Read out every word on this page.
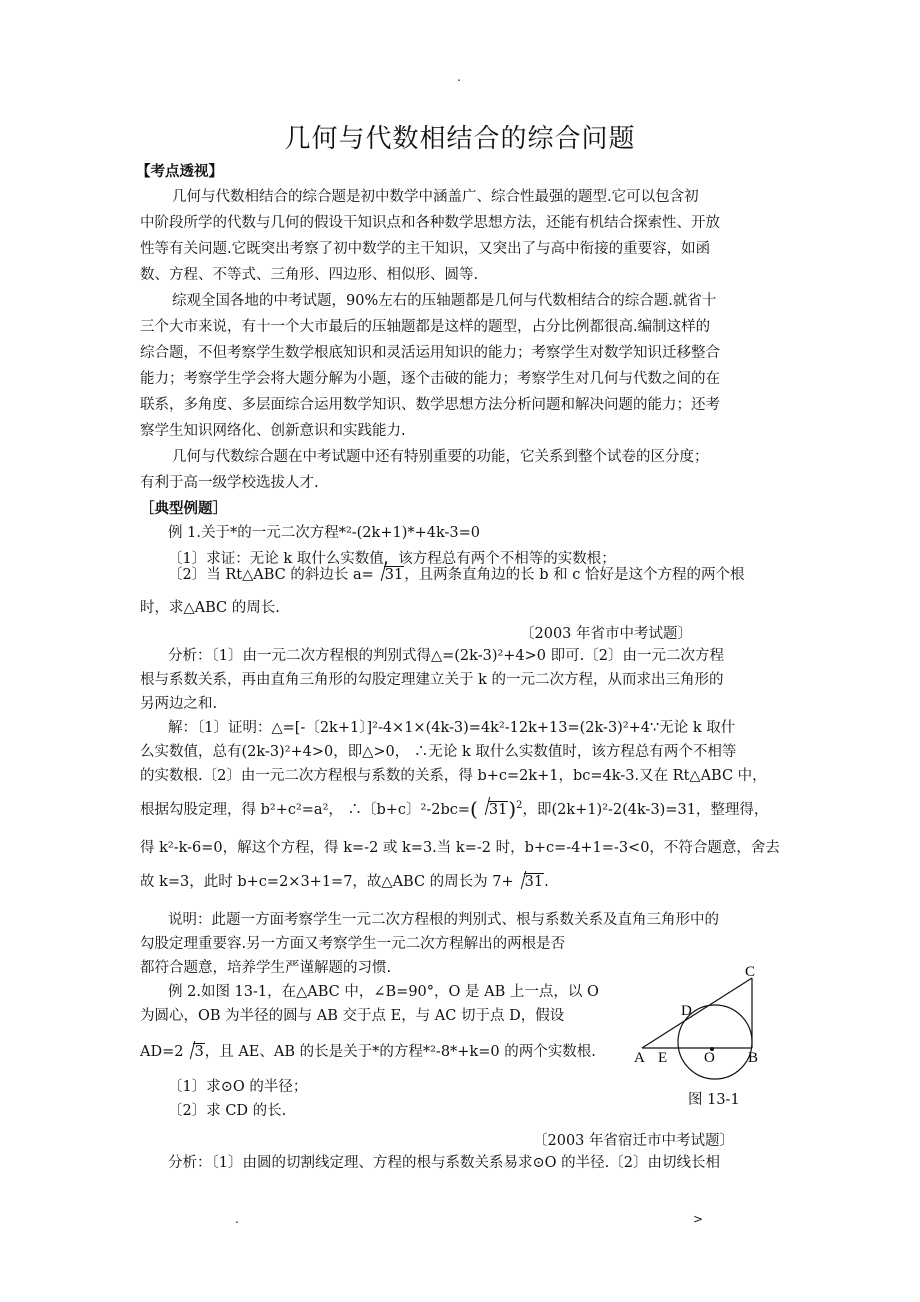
.
几何与代数相结合的综合问题
【考点透视】
几何与代数相结合的综合题是初中数学中涵盖广、综合性最强的题型.它可以包含初
中阶段所学的代数与几何的假设干知识点和各种数学思想方法，还能有机结合探索性、开放
性等有关问题.它既突出考察了初中数学的主干知识，又突出了与高中衔接的重要容，如函
数、方程、不等式、三角形、四边形、相似形、圆等.
综观全国各地的中考试题，90%左右的压轴题都是几何与代数相结合的综合题.就省十
三个大市来说，有十一个大市最后的压轴题都是这样的题型，占分比例都很高.编制这样的
综合题，不但考察学生数学根底知识和灵活运用知识的能力；考察学生对数学知识迁移整合
能力；考察学生学会将大题分解为小题，逐个击破的能力；考察学生对几何与代数之间的在
联系，多角度、多层面综合运用数学知识、数学思想方法分析问题和解决问题的能力；还考
察学生知识网络化、创新意识和实践能力.
几何与代数综合题在中考试题中还有特别重要的功能，它关系到整个试卷的区分度；
有利于高一级学校选拔人才.
［典型例题］
例 1.关于*的一元二次方程*²-(2k+1)*+4k-3=0
〔1〕求证：无论 k 取什么实数值，该方程总有两个不相等的实数根；
〔2〕当 Rt△ABC 的斜边长 a= 31，且两条直角边的长 b 和 c 恰好是这个方程的两个根
时，求△ABC 的周长.
〔2003 年省市中考试题〕
分析：〔1〕由一元二次方程根的判别式得△=(2k-3)²+4>0 即可.〔2〕由一元二次方程
根与系数关系，再由直角三角形的勾股定理建立关于 k 的一元二次方程，从而求出三角形的
另两边之和.
解：〔1〕证明：△=[-〔2k+1〕]²-4×1×(4k-3)=4k²-12k+13=(2k-3)²+4∵无论 k 取什
么实数值，总有(2k-3)²+4>0，即△>0， ∴无论 k 取什么实数值时，该方程总有两个不相等
的实数根.〔2〕由一元二次方程根与系数的关系，得 b+c=2k+1，bc=4k-3.又在 Rt△ABC 中，
根据勾股定理，得 b²+c²=a²， ∴〔b+c〕²-2bc=( 31)$^2$，即(2k+1)²-2(4k-3)=31，整理得，
得 k²-k-6=0，解这个方程，得 k=-2 或 k=3.当 k=-2 时，b+c=-4+1=-3<0，不符合题意，舍去
故 k=3，此时 b+c=2×3+1=7，故△ABC 的周长为 7+ 31.
说明：此题一方面考察学生一元二次方程根的判别式、根与系数关系及直角三角形中的
勾股定理重要容.另一方面又考察学生一元二次方程解出的两根是否
都符合题意，培养学生严谨解题的习惯.
例 2.如图 13-1，在△ABC 中，∠B=90°，O 是 AB 上一点，以 O
为圆心，OB 为半径的圆与 AB 交于点 E，与 AC 切于点 D，假设
AD=2 3，且 AE、AB 的长是关于*的方程*²-8*+k=0 的两个实数根.
〔1〕求⊙O 的半径；
〔2〕求 CD 的长.
A E O B
C
D
图 13-1
〔2003 年省宿迁市中考试题〕
分析：〔1〕由圆的切割线定理、方程的根与系数关系易求⊙O 的半径.〔2〕由切线长相
.	>
